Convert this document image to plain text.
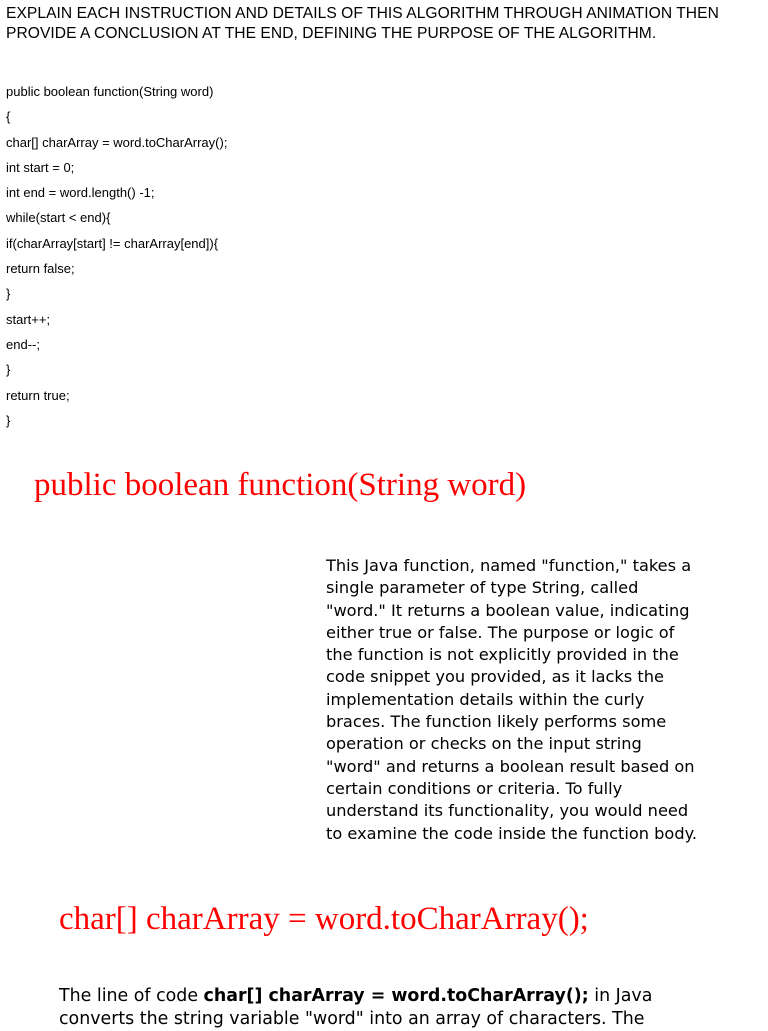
EXPLAIN EACH INSTRUCTION AND DETAILS OF THIS ALGORITHM THROUGH ANIMATION THEN
PROVIDE A CONCLUSION AT THE END, DEFINING THE PURPOSE OF THE ALGORITHM.
public boolean function(String word)
{
char[] charArray = word.toCharArray();
int start = 0;
int end = word.length() -1;
while(start < end){
if(charArray[start] != charArray[end]){
return false;
}
start++;
end--;
}
return true;
}
public boolean function(String word)
This Java function, named "function," takes a
single parameter of type String, called
"word." It returns a boolean value, indicating
either true or false. The purpose or logic of
the function is not explicitly provided in the
code snippet you provided, as it lacks the
implementation details within the curly
braces. The function likely performs some
operation or checks on the input string
"word" and returns a boolean result based on
certain conditions or criteria. To fully
understand its functionality, you would need
to examine the code inside the function body.
char[] charArray = word.toCharArray();
The line of code char[] charArray = word.toCharArray(); in Java
converts the string variable "word" into an array of characters. The
